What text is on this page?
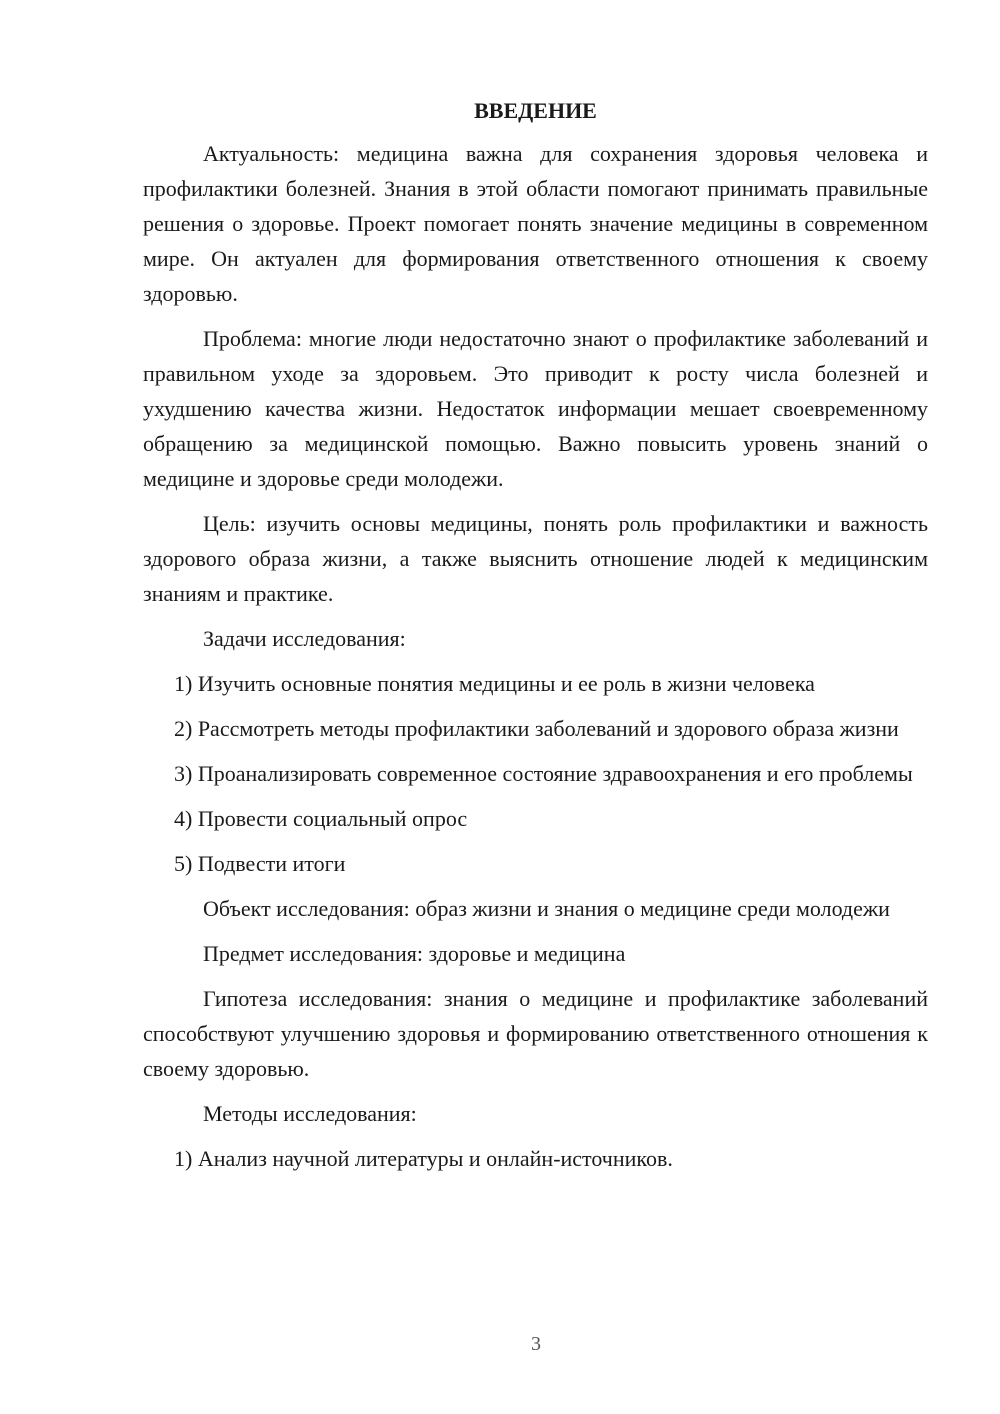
ВВЕДЕНИЕ

Актуальность: медицина важна для сохранения здоровья человека и профилактики болезней. Знания в этой области помогают принимать правильные решения о здоровье. Проект помогает понять значение медицины в современном мире. Он актуален для формирования ответственного отношения к своему здоровью.

Проблема: многие люди недостаточно знают о профилактике заболеваний и правильном уходе за здоровьем. Это приводит к росту числа болезней и ухудшению качества жизни. Недостаток информации мешает своевременному обращению за медицинской помощью. Важно повысить уровень знаний о медицине и здоровье среди молодежи.

Цель: изучить основы медицины, понять роль профилактики и важность здорового образа жизни, а также выяснить отношение людей к медицинским знаниям и практике.

Задачи исследования:

1) Изучить основные понятия медицины и ее роль в жизни человека

2) Рассмотреть методы профилактики заболеваний и здорового образа жизни

3) Проанализировать современное состояние здравоохранения и его проблемы

4) Провести социальный опрос

5) Подвести итоги

Объект исследования: образ жизни и знания о медицине среди молодежи

Предмет исследования: здоровье и медицина

Гипотеза исследования: знания о медицине и профилактике заболеваний способствуют улучшению здоровья и формированию ответственного отношения к своему здоровью.

Методы исследования:

1) Анализ научной литературы и онлайн-источников.

3
